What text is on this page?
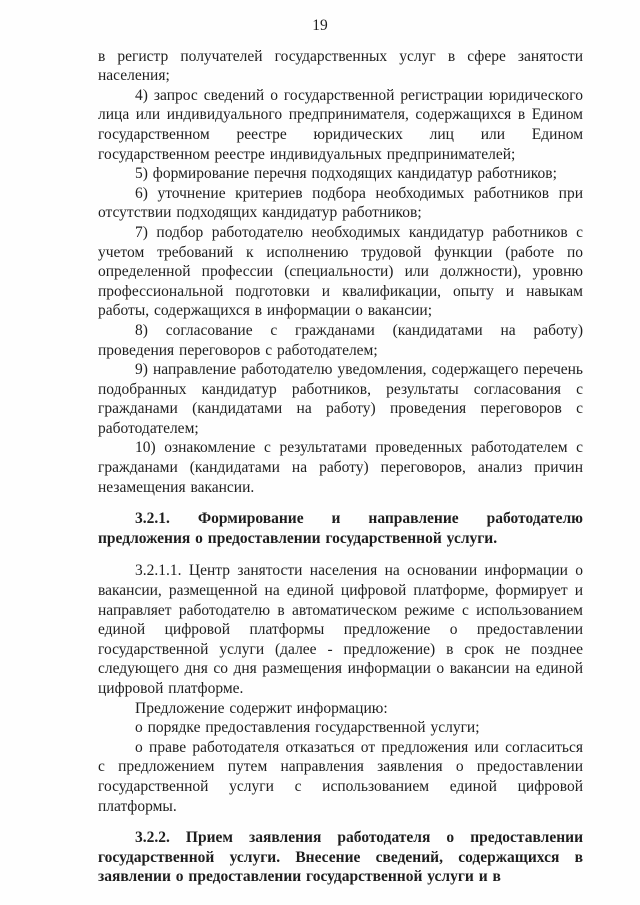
19

в регистр получателей государственных услуг в сфере занятости населения;

4) запрос сведений о государственной регистрации юридического лица или индивидуального предпринимателя, содержащихся в Едином государственном реестре юридических лиц или Едином государственном реестре индивидуальных предпринимателей;

5) формирование перечня подходящих кандидатур работников;

6) уточнение критериев подбора необходимых работников при отсутствии подходящих кандидатур работников;

7) подбор работодателю необходимых кандидатур работников с учетом требований к исполнению трудовой функции (работе по определенной профессии (специальности) или должности), уровню профессиональной подготовки и квалификации, опыту и навыкам работы, содержащихся в информации о вакансии;

8) согласование с гражданами (кандидатами на работу) проведения переговоров с работодателем;

9) направление работодателю уведомления, содержащего перечень подобранных кандидатур работников, результаты согласования с гражданами (кандидатами на работу) проведения переговоров с работодателем;

10) ознакомление с результатами проведенных работодателем с гражданами (кандидатами на работу) переговоров, анализ причин незамещения вакансии.

3.2.1. Формирование и направление работодателю предложения о предоставлении государственной услуги.

3.2.1.1. Центр занятости населения на основании информации о вакансии, размещенной на единой цифровой платформе, формирует и направляет работодателю в автоматическом режиме с использованием единой цифровой платформы предложение о предоставлении государственной услуги (далее - предложение) в срок не позднее следующего дня со дня размещения информации о вакансии на единой цифровой платформе.

Предложение содержит информацию:

о порядке предоставления государственной услуги;

о праве работодателя отказаться от предложения или согласиться с предложением путем направления заявления о предоставлении государственной услуги с использованием единой цифровой платформы.

3.2.2. Прием заявления работодателя о предоставлении государственной услуги. Внесение сведений, содержащихся в заявлении о предоставлении государственной услуги и в
